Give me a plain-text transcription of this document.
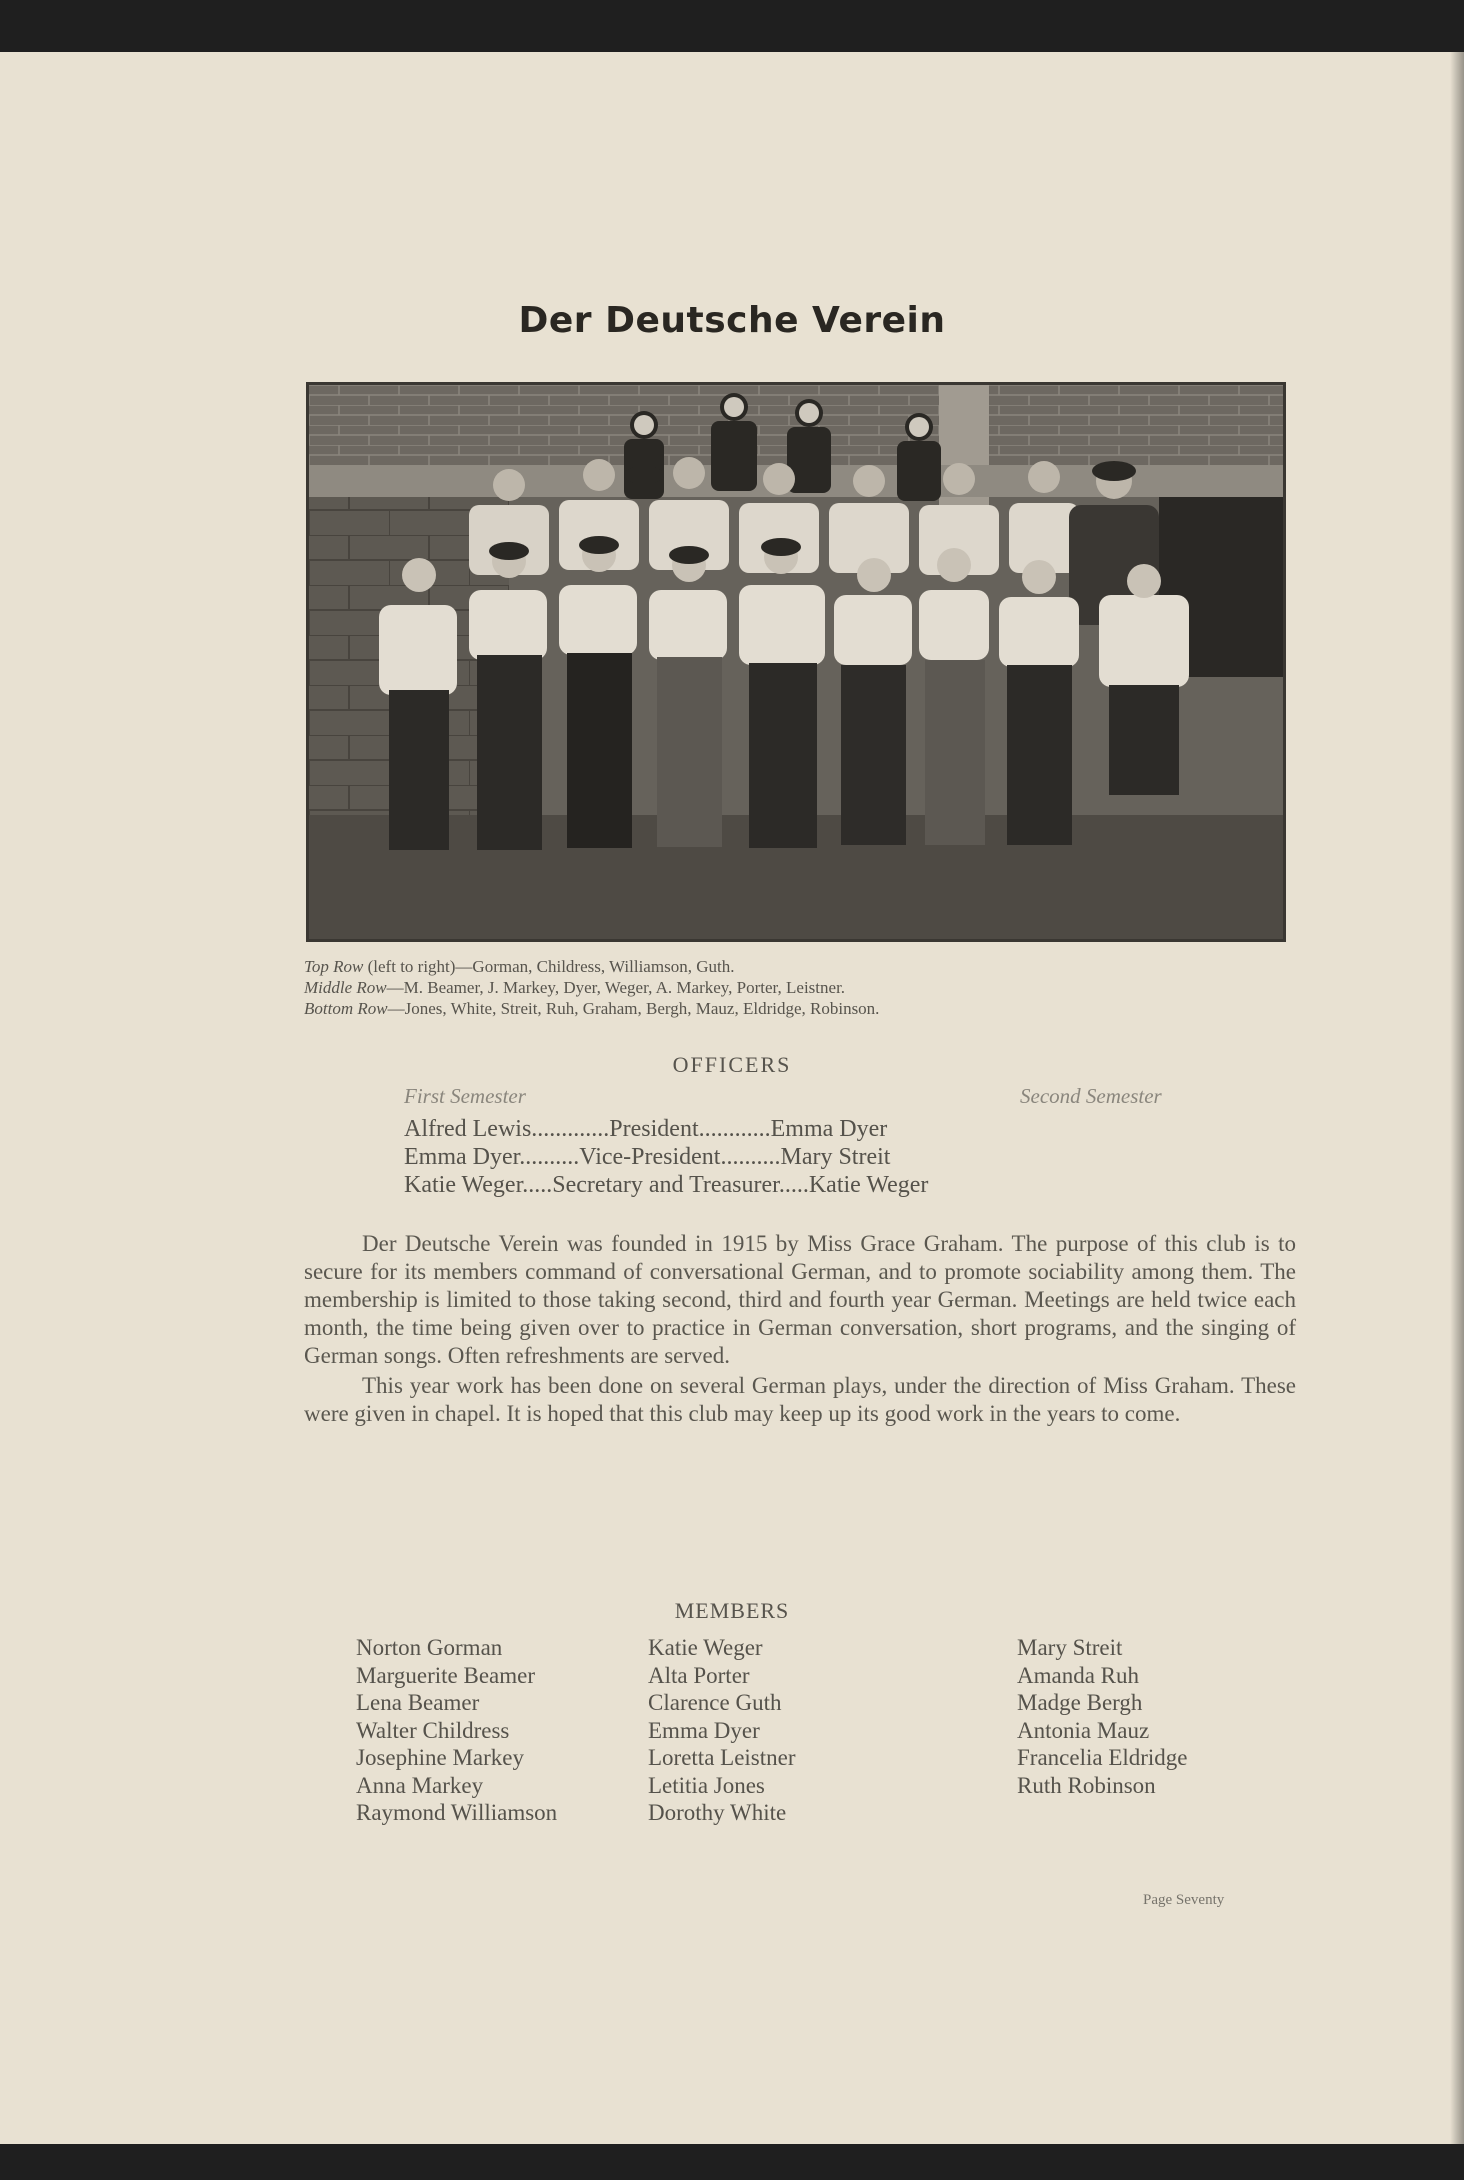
Der Deutsche Verein
Top Row (left to right)—Gorman, Childress, Williamson, Guth.
Middle Row—M. Beamer, J. Markey, Dyer, Weger, A. Markey, Porter, Leistner.
Bottom Row—Jones, White, Streit, Ruh, Graham, Bergh, Mauz, Eldridge, Robinson.
OFFICERS
First Semester	Second Semester
Alfred Lewis.............President............Emma Dyer
Emma Dyer..........Vice-President..........Mary Streit
Katie Weger.....Secretary and Treasurer.....Katie Weger

Der Deutsche Verein was founded in 1915 by Miss Grace Graham. The purpose of this club is to secure for its members command of conversational German, and to promote sociability among them. The membership is limited to those taking second, third and fourth year German. Meetings are held twice each month, the time being given over to practice in German conversation, short programs, and the singing of German songs. Often refreshments are served.

This year work has been done on several German plays, under the direction of Miss Graham. These were given in chapel. It is hoped that this club may keep up its good work in the years to come.

MEMBERS
Norton Gorman
Marguerite Beamer
Lena Beamer
Walter Childress
Josephine Markey
Anna Markey
Raymond Williamson
Katie Weger
Alta Porter
Clarence Guth
Emma Dyer
Loretta Leistner
Letitia Jones
Dorothy White
Mary Streit
Amanda Ruh
Madge Bergh
Antonia Mauz
Francelia Eldridge
Ruth Robinson
Page Seventy
